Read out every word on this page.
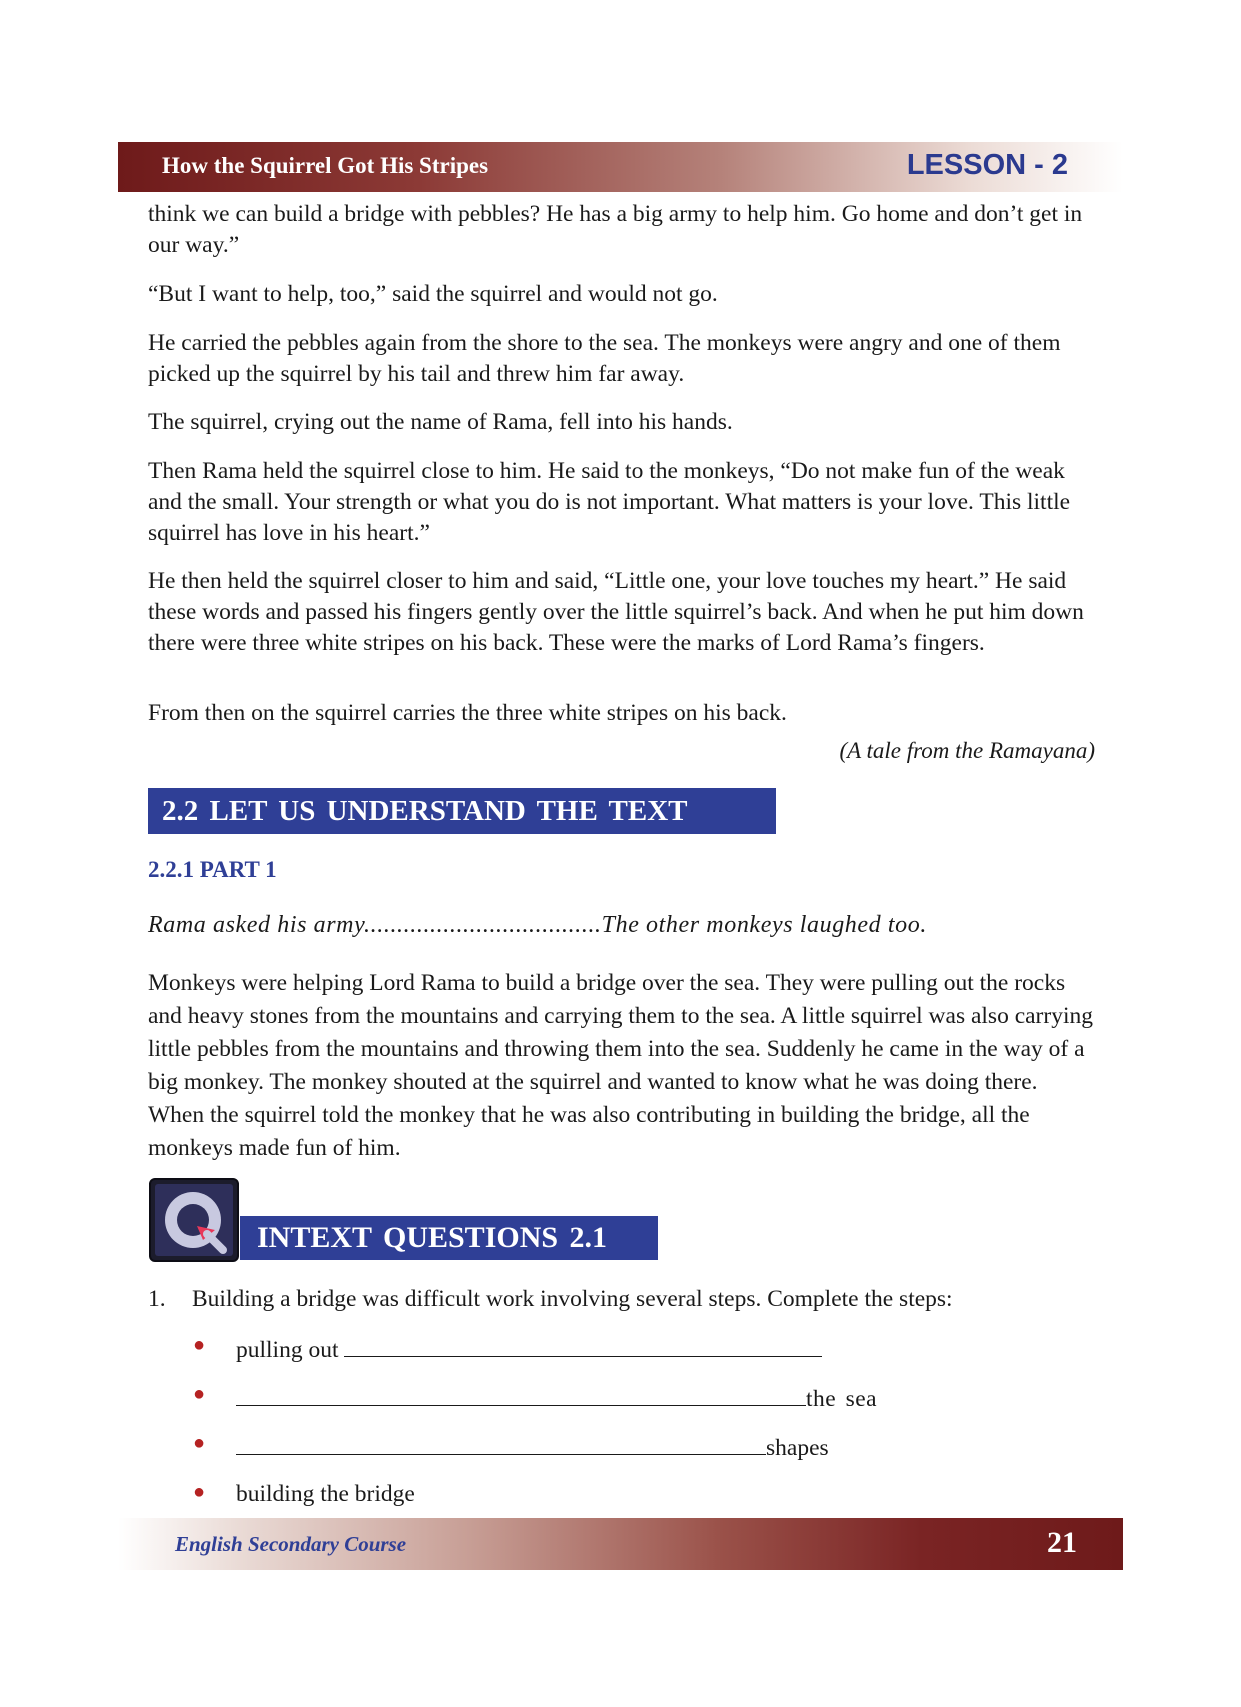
How the Squirrel Got His Stripes	LESSON - 2

think we can build a bridge with pebbles? He has a big army to help him. Go home and don’t get in our way.”

“But I want to help, too,” said the squirrel and would not go.

He carried the pebbles again from the shore to the sea. The monkeys were angry and one of them picked up the squirrel by his tail and threw him far away.

The squirrel, crying out the name of Rama, fell into his hands.

Then Rama held the squirrel close to him. He said to the monkeys, “Do not make fun of the weak and the small. Your strength or what you do is not important. What matters is your love. This little squirrel has love in his heart.”

He then held the squirrel closer to him and said, “Little one, your love touches my heart.” He said these words and passed his fingers gently over the little squirrel’s back. And when he put him down there were three white stripes on his back. These were the marks of Lord Rama’s fingers.

From then on the squirrel carries the three white stripes on his back.

(A tale from the Ramayana)
2.2 LET US UNDERSTAND THE TEXT
2.2.1 PART 1
Rama asked his army....................................The other monkeys laughed too.

Monkeys were helping Lord Rama to build a bridge over the sea. They were pulling out the rocks and heavy stones from the mountains and carrying them to the sea. A little squirrel was also carrying little pebbles from the mountains and throwing them into the sea. Suddenly he came in the way of a big monkey. The monkey shouted at the squirrel and wanted to know what he was doing there. When the squirrel told the monkey that he was also contributing in building the bridge, all the monkeys made fun of him.

INTEXT QUESTIONS 2.1
1. Building a bridge was difficult work involving several steps. Complete the steps:
● pulling out
●	the sea
●	shapes
● building the bridge
English Secondary Course	21
